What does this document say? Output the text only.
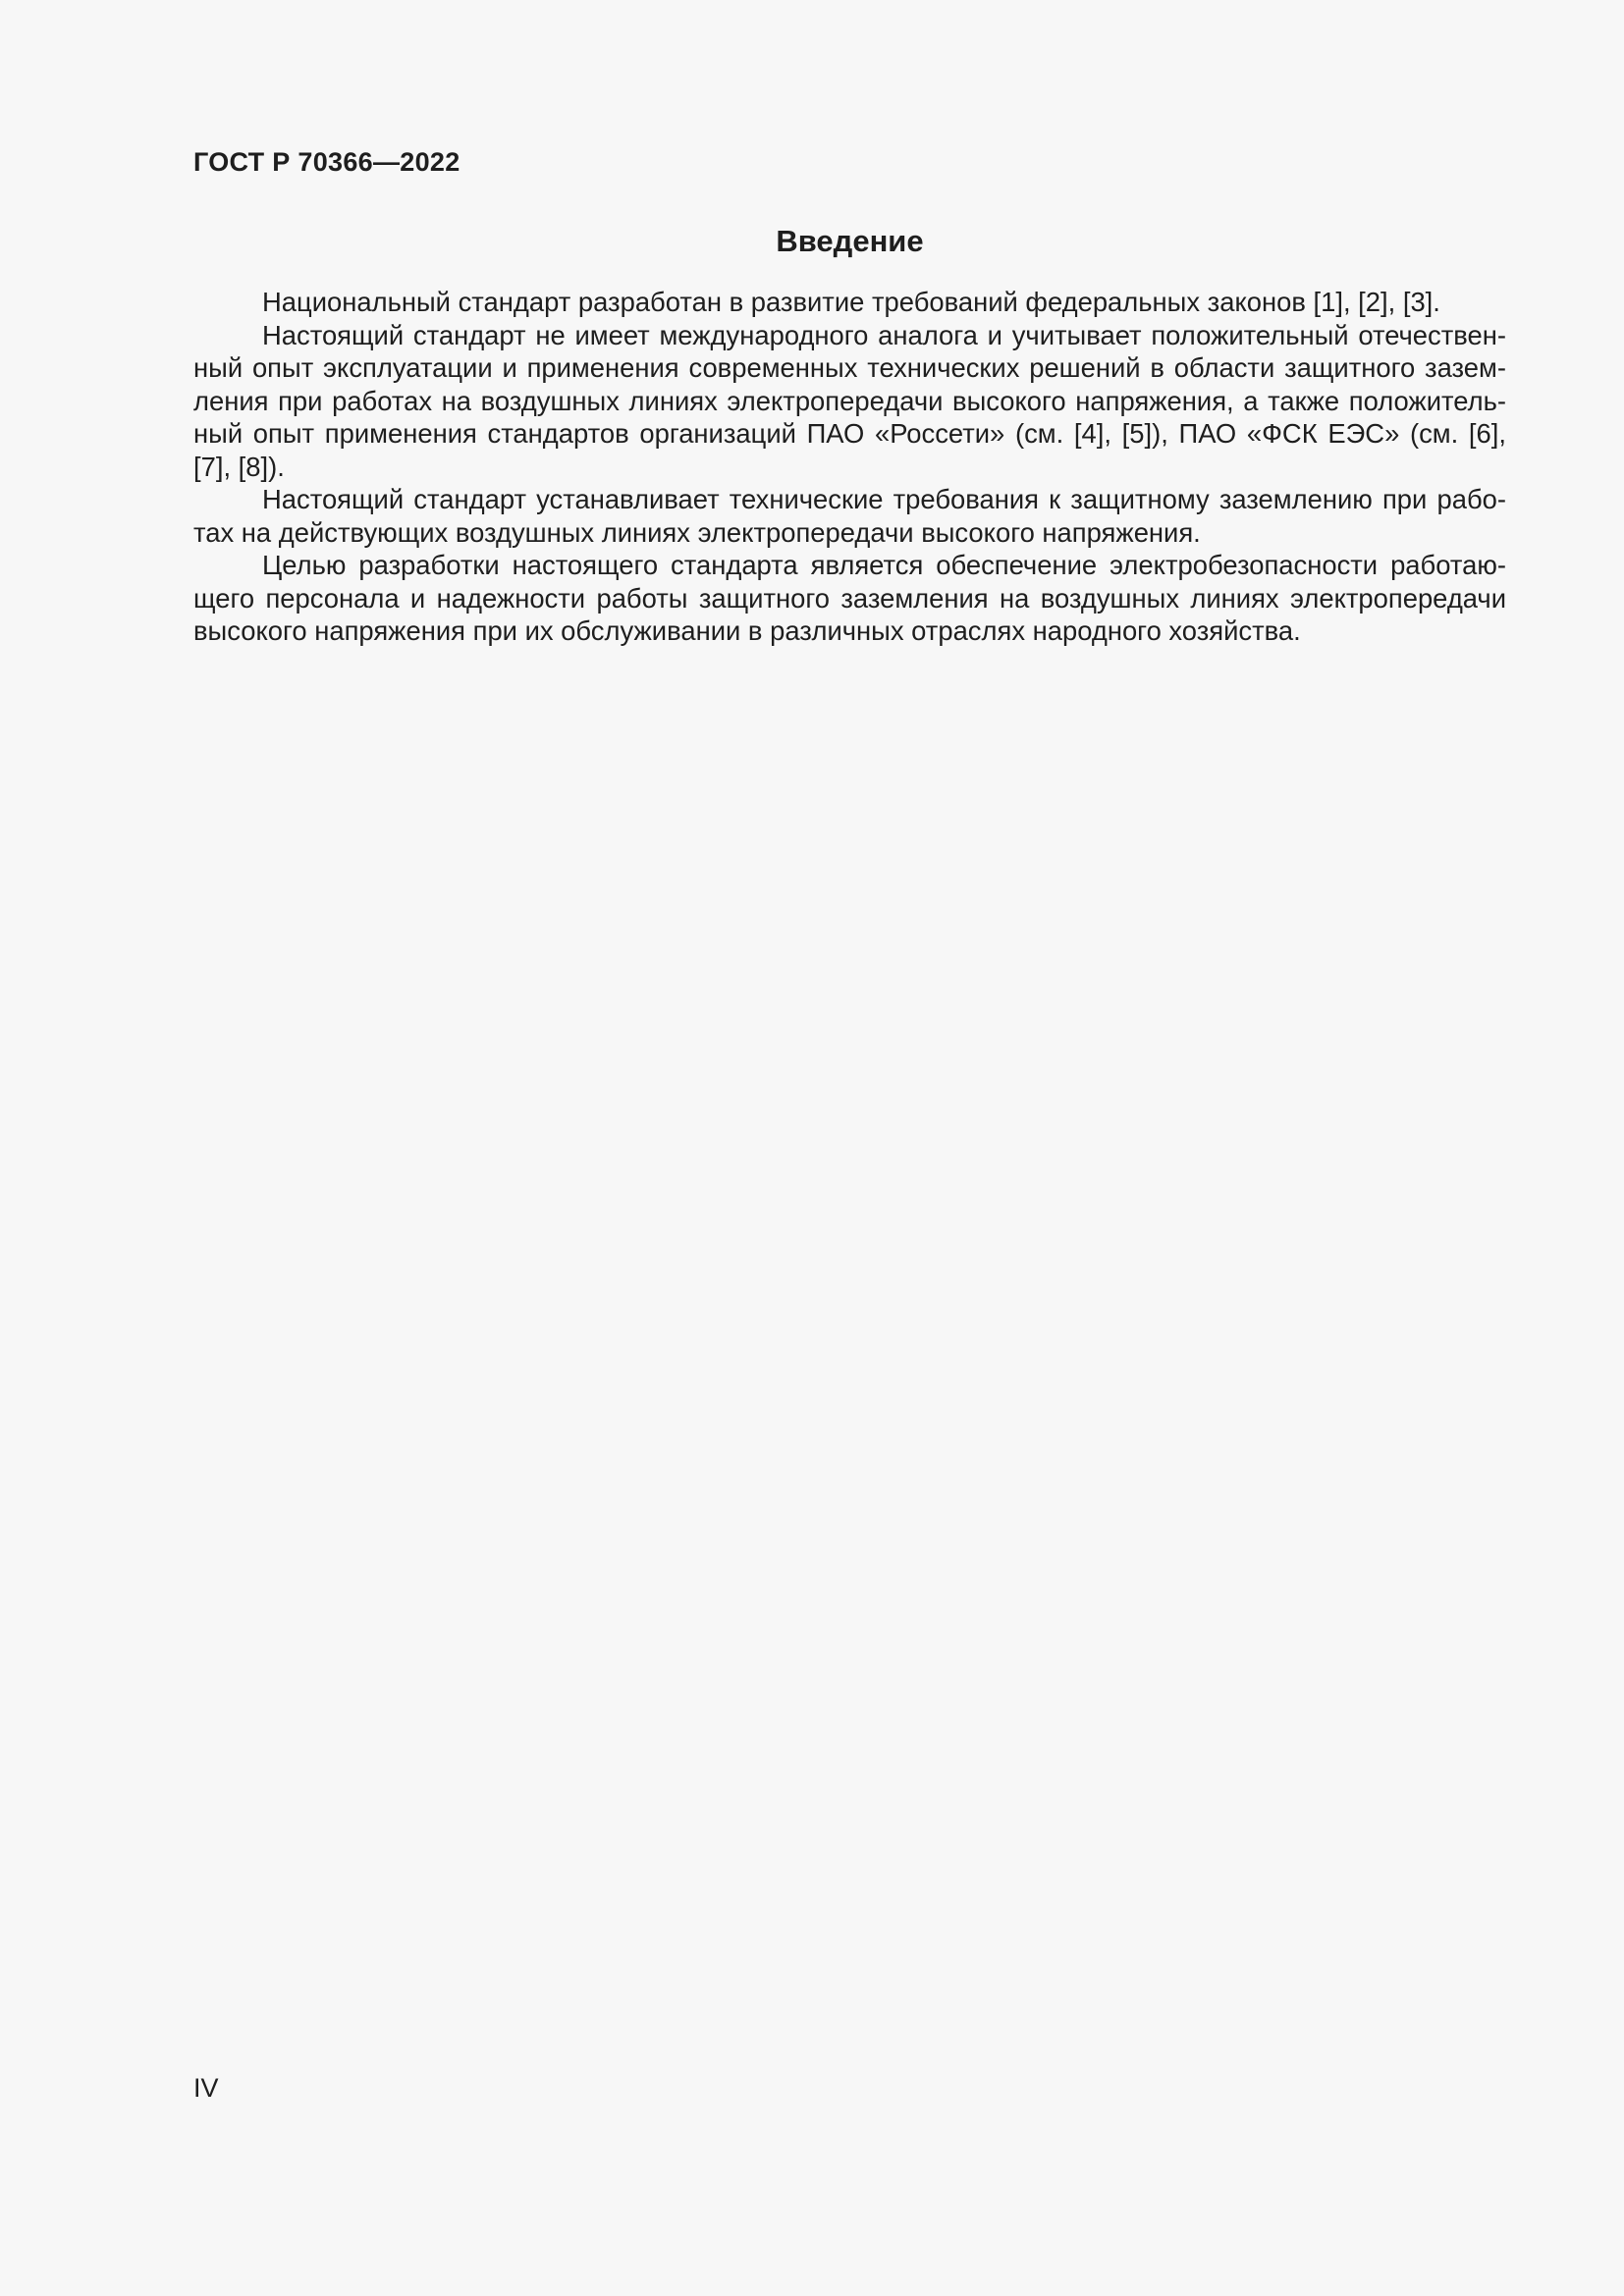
ГОСТ Р 70366—2022
Введение

Национальный стандарт разработан в развитие требований федеральных законов [1], [2], [3].

Настоящий стандарт не имеет международного аналога и учитывает положительный отечественный опыт эксплуатации и применения современных технических решений в области защитного заземления при работах на воздушных линиях электропередачи высокого напряжения, а также положительный опыт применения стандартов организаций ПАО «Россети» (см. [4], [5]), ПАО «ФСК ЕЭС» (см. [6], [7], [8]).

Настоящий стандарт устанавливает технические требования к защитному заземлению при работах на действующих воздушных линиях электропередачи высокого напряжения.

Целью разработки настоящего стандарта является обеспечение электробезопасности работающего персонала и надежности работы защитного заземления на воздушных линиях электропередачи высокого напряжения при их обслуживании в различных отраслях народного хозяйства.

IV
